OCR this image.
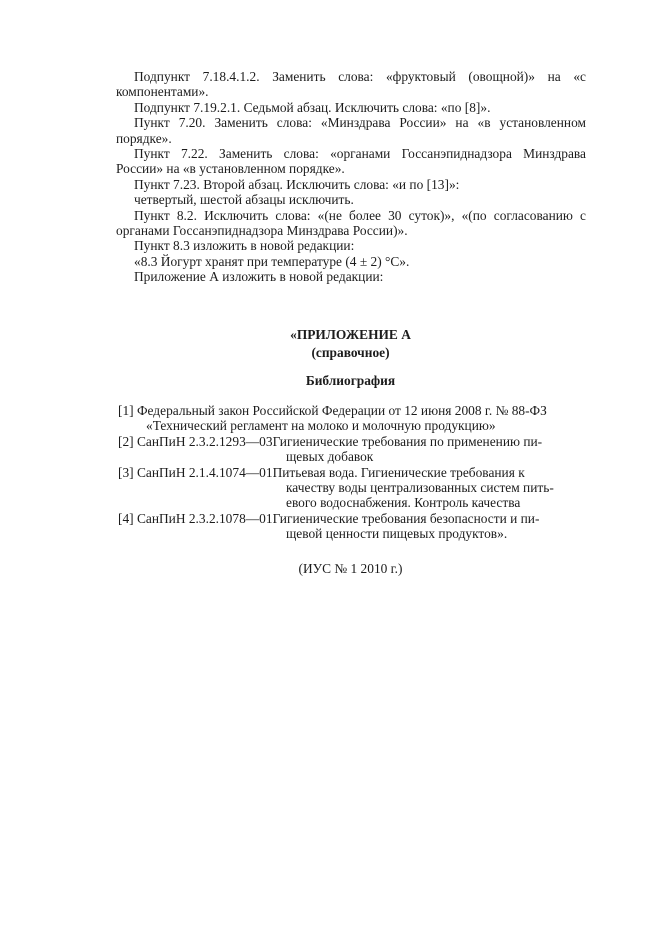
Подпункт 7.18.4.1.2. Заменить слова: «фруктовый (овощной)» на «с компонентами».

Подпункт 7.19.2.1. Седьмой абзац. Исключить слова: «по [8]».

Пункт 7.20. Заменить слова: «Минздрава России» на «в установленном порядке».

Пункт 7.22. Заменить слова: «органами Госсанэпиднадзора Минздрава России» на «в установленном порядке».

Пункт 7.23. Второй абзац. Исключить слова: «и по [13]»:

четвертый, шестой абзацы исключить.

Пункт 8.2. Исключить слова: «(не более 30 суток)», «(по согласованию с органами Госсанэпиднадзора Минздрава России)».

Пункт 8.3 изложить в новой редакции:

«8.3 Йогурт хранят при температуре (4 ± 2) °С».

Приложение А изложить в новой редакции:

«ПРИЛОЖЕНИЕ А
(справочное)
Библиография
[1] Федеральный закон Российской Федерации от 12 июня 2008 г. № 88-ФЗ
«Технический регламент на молоко и молочную продукцию»
[2] СанПиН 2.3.2.1293—03 Гигиенические требования по применению пи-
щевых добавок
[3] СанПиН 2.1.4.1074—01 Питьевая вода. Гигиенические требования к
качеству воды централизованных систем пить-
евого водоснабжения. Контроль качества
[4] СанПиН 2.3.2.1078—01 Гигиенические требования безопасности и пи-
щевой ценности пищевых продуктов».
(ИУС № 1 2010 г.)
